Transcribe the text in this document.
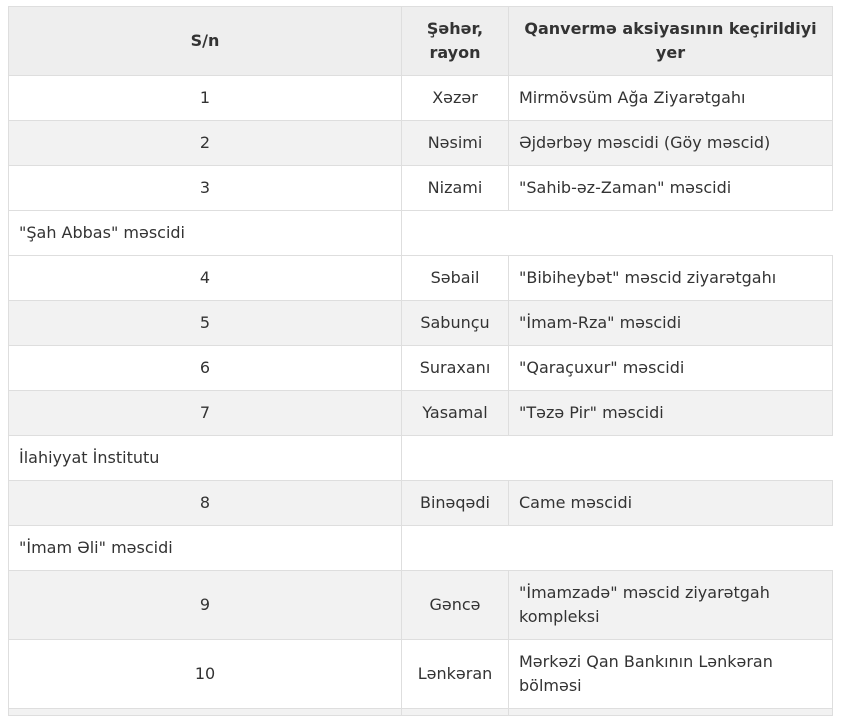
S/n	Şəhər, rayon	Qanvermə aksiyasının keçirildiyi yer
1	Xəzər	Mirmövsüm Ağa Ziyarətgahı
2	Nəsimi	Əjdərbəy məscidi (Göy məscid)
3	Nizami	"Sahib-əz-Zaman" məscidi
"Şah Abbas" məscidi		
4	Səbail	"Bibiheybət" məscid ziyarətgahı
5	Sabunçu	"İmam-Rza" məscidi
6	Suraxanı	"Qaraçuxur" məscidi
7	Yasamal	"Təzə Pir" məscidi
İlahiyyat İnstitutu		
8	Binəqədi	Came məscidi
"İmam Əli" məscidi		
9	Gəncə	"İmamzadə" məscid ziyarətgah kompleksi
10	Lənkəran	Mərkəzi Qan Bankının Lənkəran bölməsi
